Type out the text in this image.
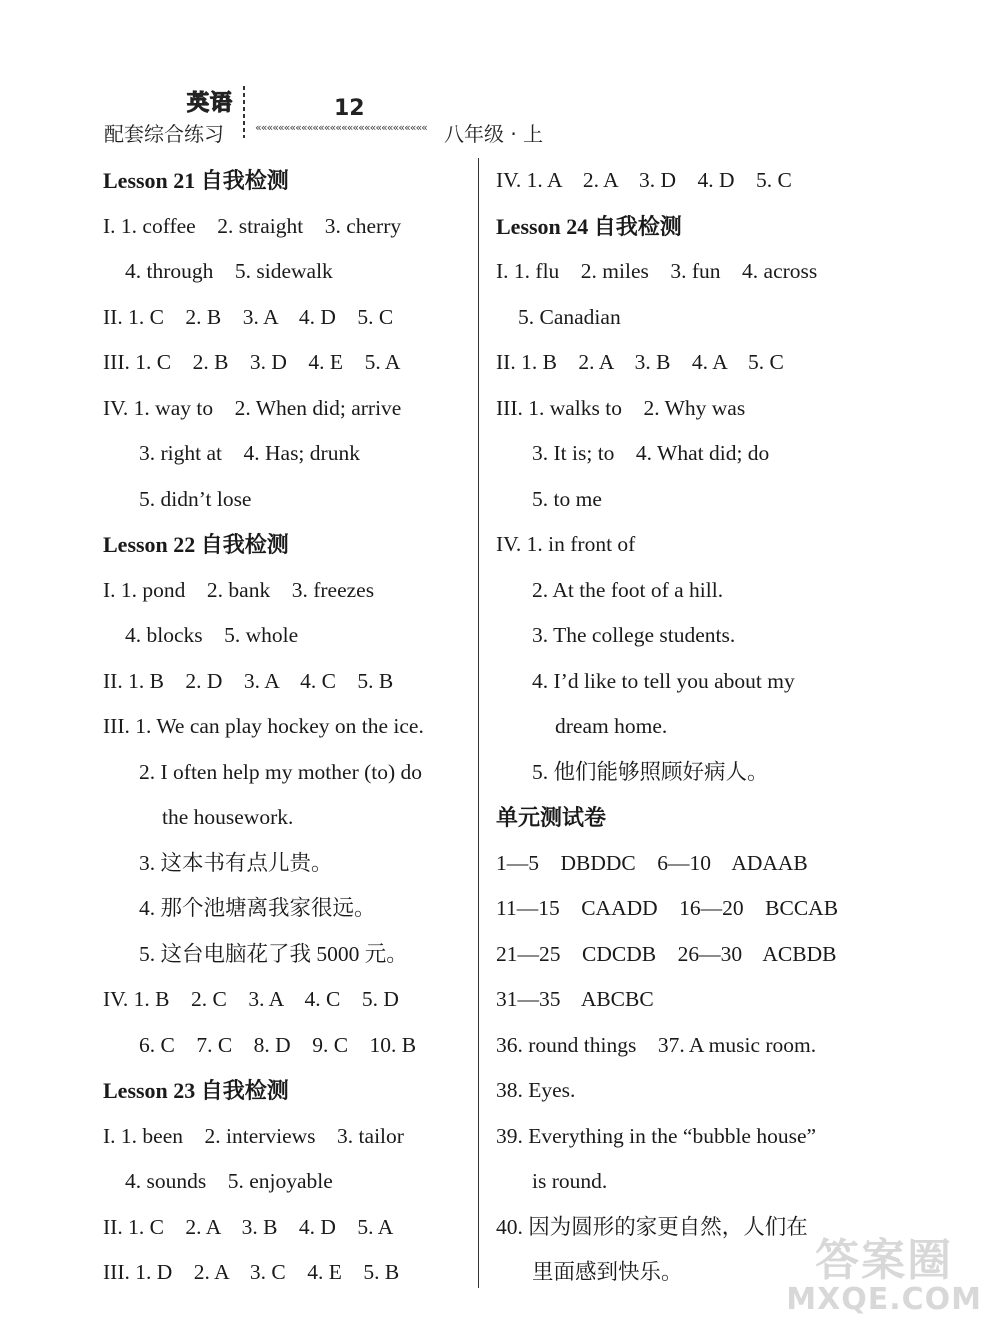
英语
配套综合练习
12
«««««««««««««««««««««««««««««« 八年级 · 上
Lesson 21 自我检测
I. 1. coffee    2. straight    3. cherry
4. through    5. sidewalk
II. 1. C    2. B    3. A    4. D    5. C
III. 1. C    2. B    3. D    4. E    5. A
IV. 1. way to    2. When did; arrive
3. right at    4. Has; drunk
5. didn’t lose
Lesson 22 自我检测
I. 1. pond    2. bank    3. freezes
4. blocks    5. whole
II. 1. B    2. D    3. A    4. C    5. B
III. 1. We can play hockey on the ice.
2. I often help my mother (to) do
the housework.
3. 这本书有点儿贵。
4. 那个池塘离我家很远。
5. 这台电脑花了我 5000 元。
IV. 1. B    2. C    3. A    4. C    5. D
6. C    7. C    8. D    9. C    10. B
Lesson 23 自我检测
I. 1. been    2. interviews    3. tailor
4. sounds    5. enjoyable
II. 1. C    2. A    3. B    4. D    5. A
III. 1. D    2. A    3. C    4. E    5. B
IV. 1. A    2. A    3. D    4. D    5. C
Lesson 24 自我检测
I. 1. flu    2. miles    3. fun    4. across
5. Canadian
II. 1. B    2. A    3. B    4. A    5. C
III. 1. walks to    2. Why was
3. It is; to    4. What did; do
5. to me
IV. 1. in front of
2. At the foot of a hill.
3. The college students.
4. I’d like to tell you about my
dream home.
5. 他们能够照顾好病人。
单元测试卷
1—5    DBDDC    6—10    ADAAB
11—15    CAADD    16—20    BCCAB
21—25    CDCDB    26—30    ACBDB
31—35    ABCBC
36. round things    37. A music room.
38. Eyes.
39. Everything in the “bubble house”
is round.
40. 因为圆形的家更自然，人们在
里面感到快乐。	答案圈
MXQE.COM
